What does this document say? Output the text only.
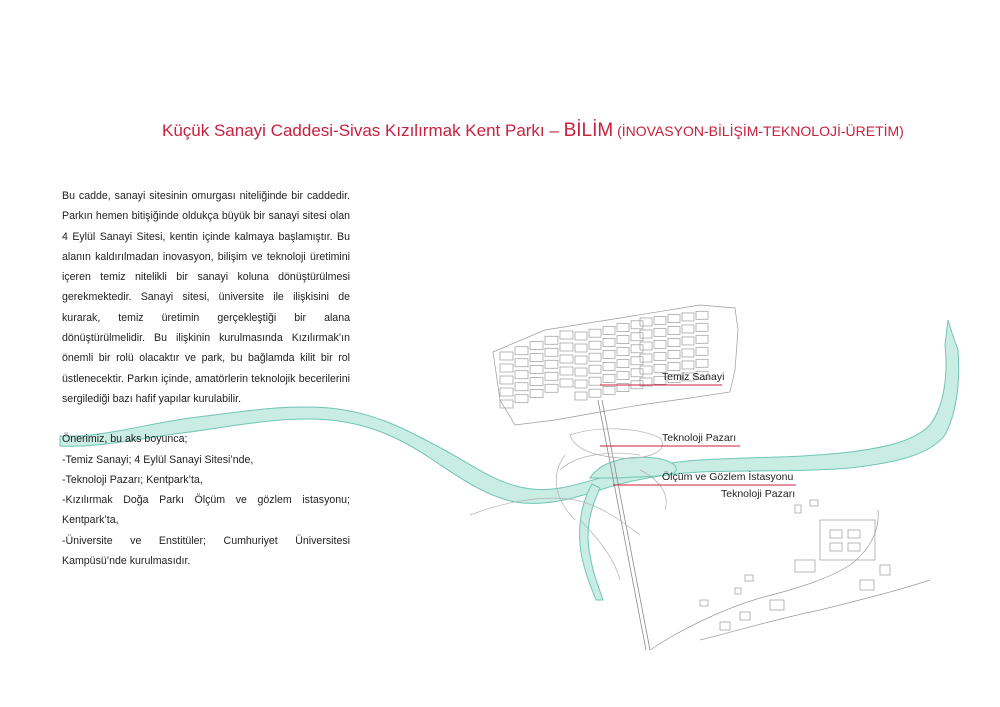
Küçük Sanayi Caddesi-Sivas Kızılırmak Kent Parkı – BİLİM (İNOVASYON-BİLİŞİM-TEKNOLOJİ-ÜRETİM)
Temiz Sanayi
Teknoloji Pazarı
Ölçüm ve Gözlem İstasyonu
Teknoloji Pazarı

Bu cadde, sanayi sitesinin omurgası niteliğinde bir caddedir. Parkın hemen bitişiğinde oldukça büyük bir sanayi sitesi olan 4 Eylül Sanayi Sitesi, kentin içinde kalmaya başlamıştır. Bu alanın kaldırılmadan inovasyon, bilişim ve teknoloji üretimini içeren temiz nitelikli bir sanayi koluna dönüştürülmesi gerekmektedir. Sanayi sitesi, üniversite ile ilişkisini de kurarak, temiz üretimin gerçekleştiği bir alana dönüştürülmelidir. Bu ilişkinin kurulmasında Kızılırmak’ın önemli bir rolü olacaktır ve park, bu bağlamda kilit bir rol üstlenecektir. Parkın içinde, amatörlerin teknolojik becerilerini sergilediği bazı hafif yapılar kurulabilir.

Önerimiz, bu aks boyunca;

-Temiz Sanayi; 4 Eylül Sanayi Sitesi’nde,

-Teknoloji Pazarı; Kentpark’ta,

-Kızılırmak Doğa Parkı Ölçüm ve gözlem istasyonu; Kentpark’ta,

-Üniversite ve Enstitüler; Cumhuriyet Üniversitesi Kampüsü’nde kurulmasıdır.
